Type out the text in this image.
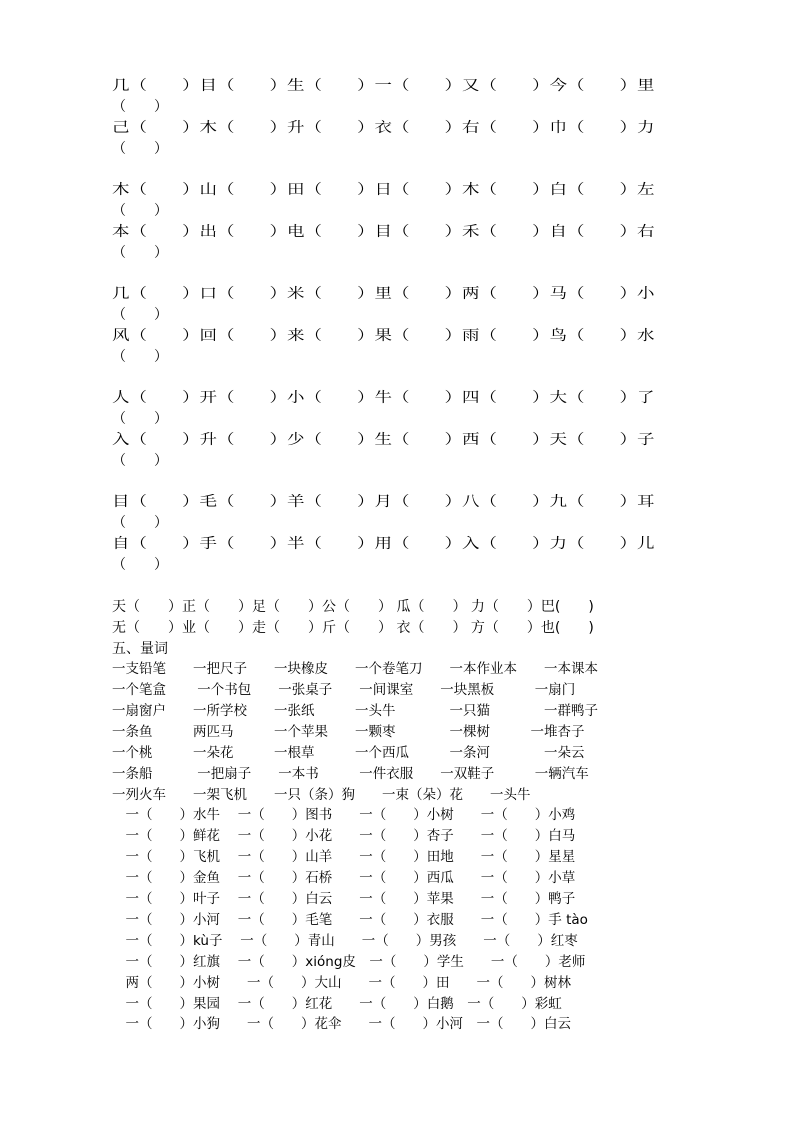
几（　　）目（　　）生（　　）一（　　）又（　　）今（　　）里

（　　）

己（　　）木（　　）升（　　）衣（　　）右（　　）巾（　　）力

（　　）

木（　　）山（　　）田（　　）日（　　）木（　　）白（　　）左

（　　）

本（　　）出（　　）电（　　）目（　　）禾（　　）自（　　）右

（　　）

几（　　）口（　　）米（　　）里（　　）两（　　）马（　　）小

（　　）

风（　　）回（　　）来（　　）果（　　）雨（　　）鸟（　　）水

（　　）

人（　　）开（　　）小（　　）牛（　　）四（　　）大（　　）了

（　　）

入（　　）升（　　）少（　　）生（　　）西（　　）天（　　）子

（　　）

目（　　）毛（　　）羊（　　）月（　　）八（　　）九（　　）耳

（　　）

自（　　）手（　　）半（　　）用（　　）入（　　）力（　　）儿

（　　）

天（　　）正（　　）足（　　）公（　　） 瓜（　　） 力（　　）巴(　　)

无（　　）业（　　）走（　　）斤（　　） 衣（　　） 方（　　）也(　　)

五、量词

一支铅笔　　一把尺子　　一块橡皮　　一个卷笔刀　　一本作业本　　一本课本

一个笔盒　　 一个书包　　一张桌子　　一间课室　　一块黑板　　　一扇门

一扇窗户　　一所学校　　一张纸　　　一头牛　　　　一只猫　　　　一群鸭子

一条鱼　　　两匹马　　　一个苹果　　一颗枣　　　　一棵树　　　一堆杏子

一个桃　　　一朵花　　　一根草　　　一个西瓜　　　一条河　　　　一朵云

一条船　　　 一把扇子　　一本书　　　一件衣服　　一双鞋子　　　一辆汽车

一列火车　　一架飞机　　一只（条）狗　　一束（朵）花　　一头牛

　一（　　）水牛　 一（　　）图书　　一（　　）小树　　一（　　）小鸡

　一（　　）鲜花　 一（　　）小花　　一（　　）杏子　　一（　　）白马

　一（　　）飞机　 一（　　）山羊　　一（　　）田地　　一（　　）星星

　一（　　）金鱼　 一（　　）石桥　　一（　　）西瓜　　一（　　）小草

　一（　　）叶子　 一（　　）白云　　一（　　）苹果　　一（　　）鸭子

　一（　　）小河　 一（　　）毛笔　　一（　　）衣服　　一（　　）手 tào

　一（　　）kù子　 一（　　）青山　　一（　　）男孩　　一（　　）红枣

　一（　　）红旗　 一（　　）xióng皮　一（　　）学生　　一（　　）老师

　两（　　）小树　　一（　　）大山　　一（　　）田　　一（　　）树林

　一（　　）果园　 一（　　）红花　　一（　　）白鹅　一（　　）彩虹

　一（　　）小狗　　一（　　）花伞　　一（　　）小河　一（　　）白云
